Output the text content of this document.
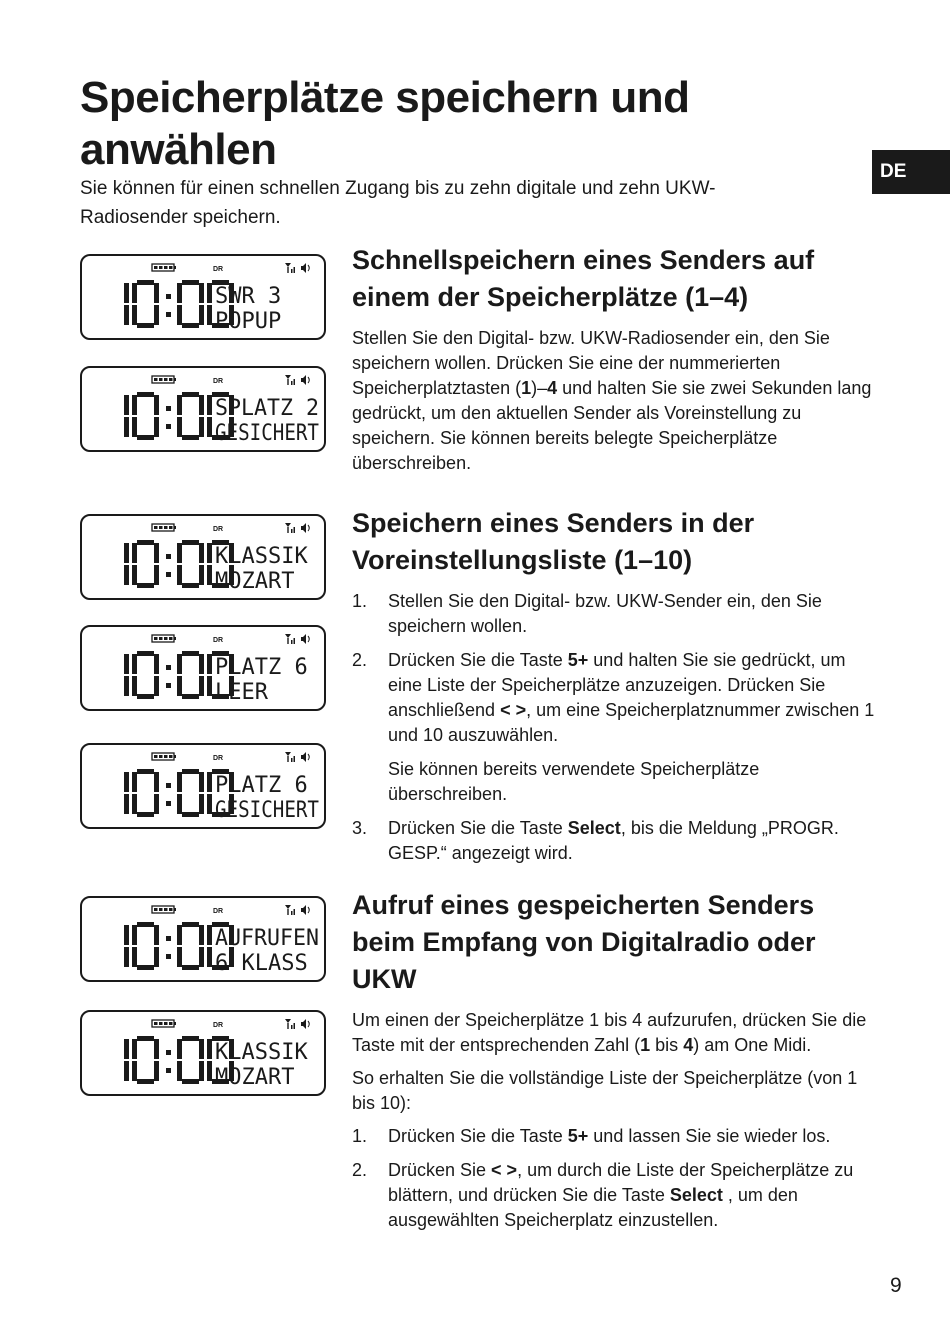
Speicherplätze speichern und anwählen

Sie können für einen schnellen Zugang bis zu zehn digitale und zehn UKW-Radiosender speichern.

DE
DR
SWR 3
POPUP
DR
SPLATZ 2
GESICHERT
DR
KLASSIK
MOZART
DR
PLATZ 6
LEER
DR
PLATZ 6
GESICHERT
DR
AUFRUFEN
6 KLASS
DR
KLASSIK
MOZART
Schnellspeichern eines Senders auf einem der Speicherplätze (1–4)

Stellen Sie den Digital- bzw. UKW-Radiosender ein, den Sie speichern wollen. Drücken Sie eine der nummerierten Speicherplatztasten (1)–4 und halten Sie sie zwei Sekunden lang gedrückt, um den aktuellen Sender als Voreinstellung zu speichern. Sie können bereits belegte Speicherplätze überschreiben.

Speichern eines Senders in der Voreinstellungsliste (1–10)
1. Stellen Sie den Digital- bzw. UKW-Sender ein, den Sie speichern wollen.
2. Drücken Sie die Taste 5+ und halten Sie sie gedrückt, um eine Liste der Speicherplätze anzuzeigen. Drücken Sie anschließend < >, um eine Speicherplatznummer zwischen 1 und 10 auszuwählen.

Sie können bereits verwendete Speicherplätze überschreiben.

3. Drücken Sie die Taste Select, bis die Meldung „PROGR. GESP.“ angezeigt wird.
Aufruf eines gespeicherten Senders beim Empfang von Digitalradio oder UKW

Um einen der Speicherplätze 1 bis 4 aufzurufen, drücken Sie die Taste mit der entsprechenden Zahl (1 bis 4) am One Midi.

So erhalten Sie die vollständige Liste der Speicherplätze (von 1 bis 10):

1. Drücken Sie die Taste 5+ und lassen Sie sie wieder los.
2. Drücken Sie < >, um durch die Liste der Speicherplätze zu blättern, und drücken Sie die Taste Select , um den ausgewählten Speicherplatz einzustellen.
9
